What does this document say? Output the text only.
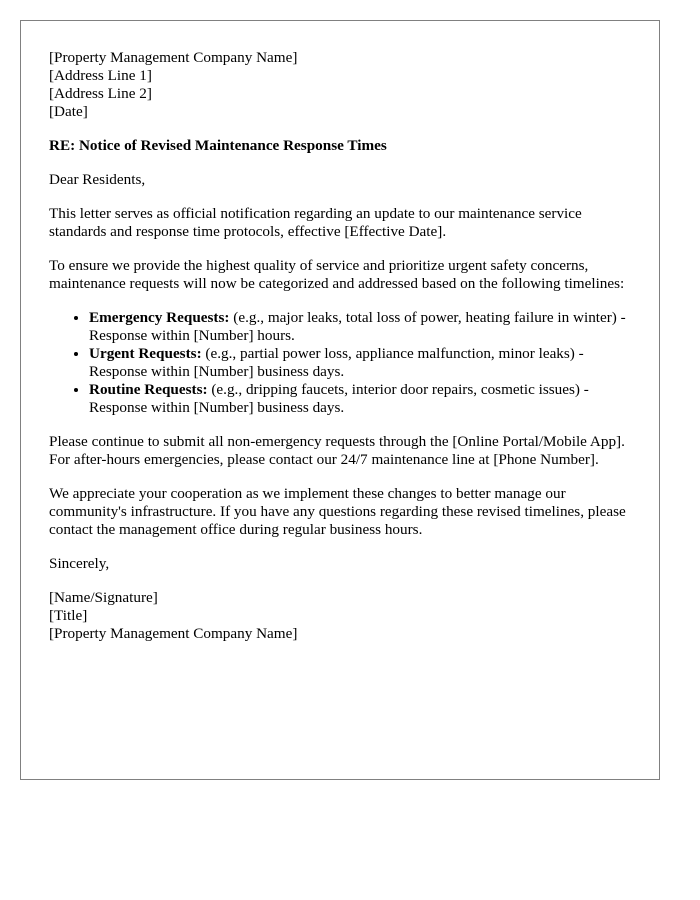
[Property Management Company Name]
[Address Line 1]
[Address Line 2]
[Date]

RE: Notice of Revised Maintenance Response Times

Dear Residents,

This letter serves as official notification regarding an update to our maintenance service standards and response time protocols, effective [Effective Date].

To ensure we provide the highest quality of service and prioritize urgent safety concerns, maintenance requests will now be categorized and addressed based on the following timelines:

• Emergency Requests: (e.g., major leaks, total loss of power, heating failure in winter) - Response within [Number] hours.
• Urgent Requests: (e.g., partial power loss, appliance malfunction, minor leaks) - Response within [Number] business days.
• Routine Requests: (e.g., dripping faucets, interior door repairs, cosmetic issues) - Response within [Number] business days.

Please continue to submit all non-emergency requests through the [Online Portal/Mobile App]. For after-hours emergencies, please contact our 24/7 maintenance line at [Phone Number].

We appreciate your cooperation as we implement these changes to better manage our community's infrastructure. If you have any questions regarding these revised timelines, please contact the management office during regular business hours.

Sincerely,

[Name/Signature]
[Title]
[Property Management Company Name]
